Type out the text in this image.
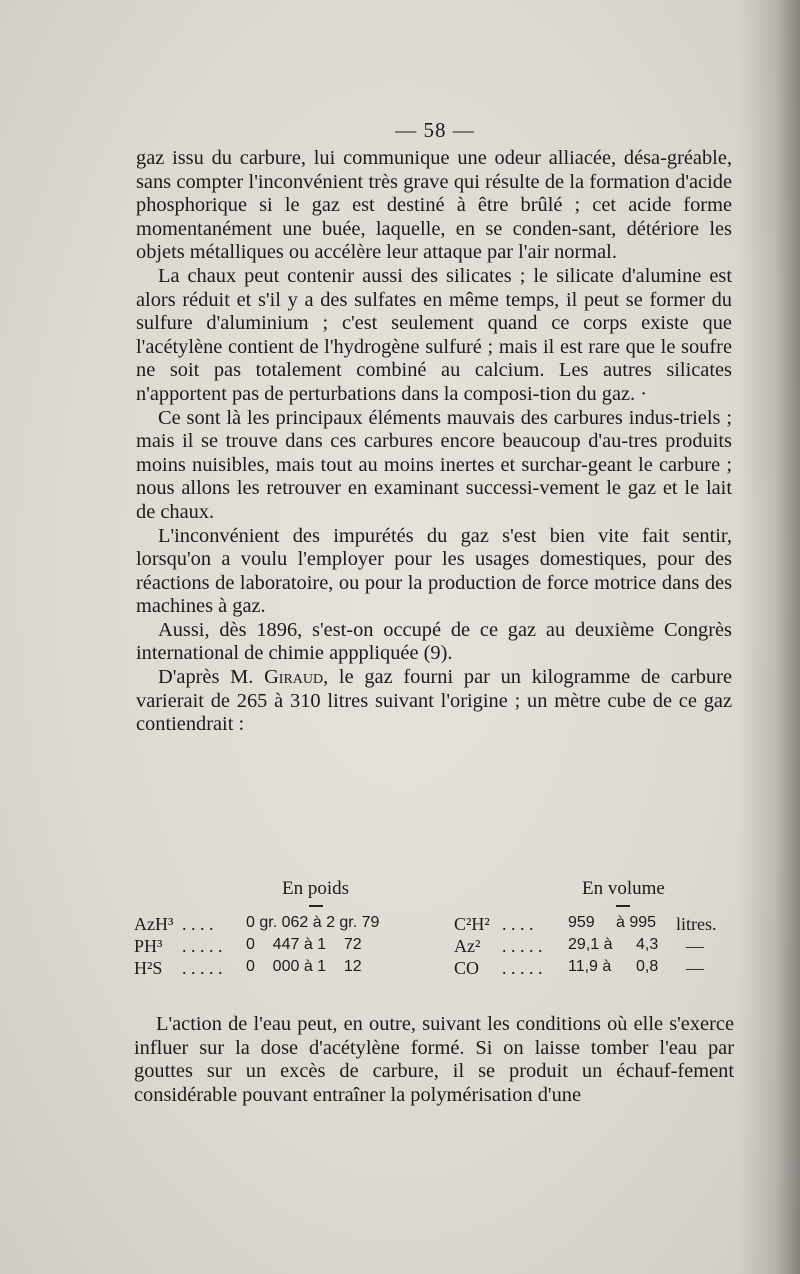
— 58 —

gaz issu du carbure, lui communique une odeur alliacée, désa-gréable, sans compter l'inconvénient très grave qui résulte de la formation d'acide phosphorique si le gaz est destiné à être brûlé ; cet acide forme momentanément une buée, laquelle, en se conden-sant, détériore les objets métalliques ou accélère leur attaque par l'air normal.

La chaux peut contenir aussi des silicates ; le silicate d'alumine est alors réduit et s'il y a des sulfates en même temps, il peut se former du sulfure d'aluminium ; c'est seulement quand ce corps existe que l'acétylène contient de l'hydrogène sulfuré ; mais il est rare que le soufre ne soit pas totalement combiné au calcium. Les autres silicates n'apportent pas de perturbations dans la composi-tion du gaz. ·

Ce sont là les principaux éléments mauvais des carbures indus-triels ; mais il se trouve dans ces carbures encore beaucoup d'au-tres produits moins nuisibles, mais tout au moins inertes et surchar-geant le carbure ; nous allons les retrouver en examinant successi-vement le gaz et le lait de chaux.

L'inconvénient des impurétés du gaz s'est bien vite fait sentir, lorsqu'on a voulu l'employer pour les usages domestiques, pour des réactions de laboratoire, ou pour la production de force motrice dans des machines à gaz.

Aussi, dès 1896, s'est-on occupé de ce gaz au deuxième Congrès international de chimie apppliquée (9).

D'après M. Giraud, le gaz fourni par un kilogramme de carbure varierait de 265 à 310 litres suivant l'origine ; un mètre cube de ce gaz contiendrait :

En poids	En volume
AzH³ . . . . 0 gr. 062 à 2 gr. 79	C²H² . . . . 959 à 995 litres.
PH³ . . . . . 0    447 à 1    72	Az² . . . . . 29,1 à 4,3 —
H²S . . . . . 0    000 à 1    12	CO . . . . . 11,9 à 0,8 —

L'action de l'eau peut, en outre, suivant les conditions où elle s'exerce influer sur la dose d'acétylène formé. Si on laisse tomber l'eau par gouttes sur un excès de carbure, il se produit un échauf-fement considérable pouvant entraîner la polymérisation d'une
